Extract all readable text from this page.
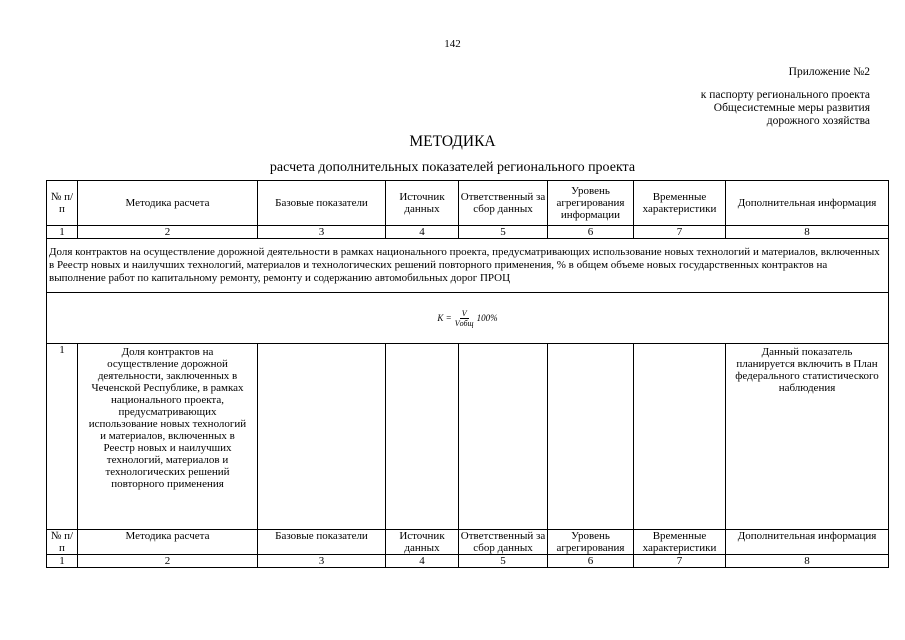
142
Приложение №2
к паспорту регионального проекта
Общесистемные меры развития
дорожного хозяйства
МЕТОДИКА
расчета дополнительных показателей регионального проекта
№ п/п	Методика расчета	Базовые показатели	Источник данных	Ответственный за сбор данных	Уровень агрегирования информации	Временные характеристики	Дополнительная информация
1	2	3	4	5	6	7	8
Доля контрактов на осуществление дорожной деятельности в рамках национального проекта, предусматривающих использование новых технологий и материалов, включенных в Реестр новых и наилучших технологий, материалов и технологических решений повторного применения, % в общем объеме новых государственных контрактов на выполнение работ по капитальному ремонту, ремонту и содержанию автомобильных дорог ПРОЦ							

$K = \frac{V}{\text{Vобщ}} 100\%$							

1	Доля контрактов на осуществление дорожной деятельности, заключенных в Чеченской Республике, в рамках национального проекта, предусматривающих использование новых технологий и материалов, включенных в Реестр новых и наилучших технологий, материалов и технологических решений повторного применения						Данный показатель планируется включить в План федерального статистического наблюдения

№ п/п	Методика расчета	Базовые показатели	Источник данных	Ответственный за сбор данных	Уровень агрегирования	Временные характеристики	Дополнительная информация

1	2	3	4	5	6	7	8
